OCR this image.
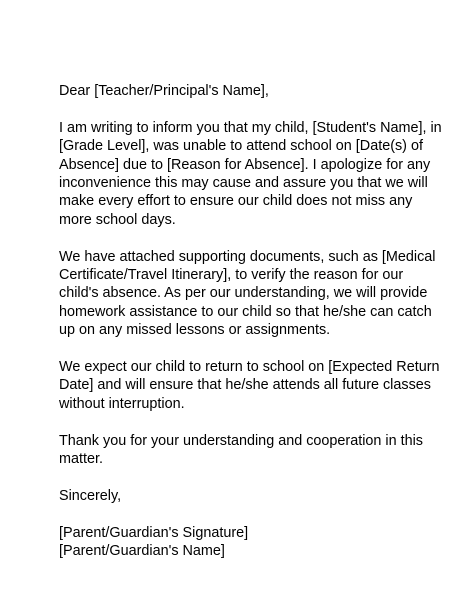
Dear [Teacher/Principal's Name],
I am writing to inform you that my child, [Student's Name], in
[Grade Level], was unable to attend school on [Date(s) of
Absence] due to [Reason for Absence]. I apologize for any
inconvenience this may cause and assure you that we will
make every effort to ensure our child does not miss any
more school days.
We have attached supporting documents, such as [Medical
Certificate/Travel Itinerary], to verify the reason for our
child's absence. As per our understanding, we will provide
homework assistance to our child so that he/she can catch
up on any missed lessons or assignments.
We expect our child to return to school on [Expected Return
Date] and will ensure that he/she attends all future classes
without interruption.
Thank you for your understanding and cooperation in this
matter.
Sincerely,
[Parent/Guardian's Signature]
[Parent/Guardian's Name]
